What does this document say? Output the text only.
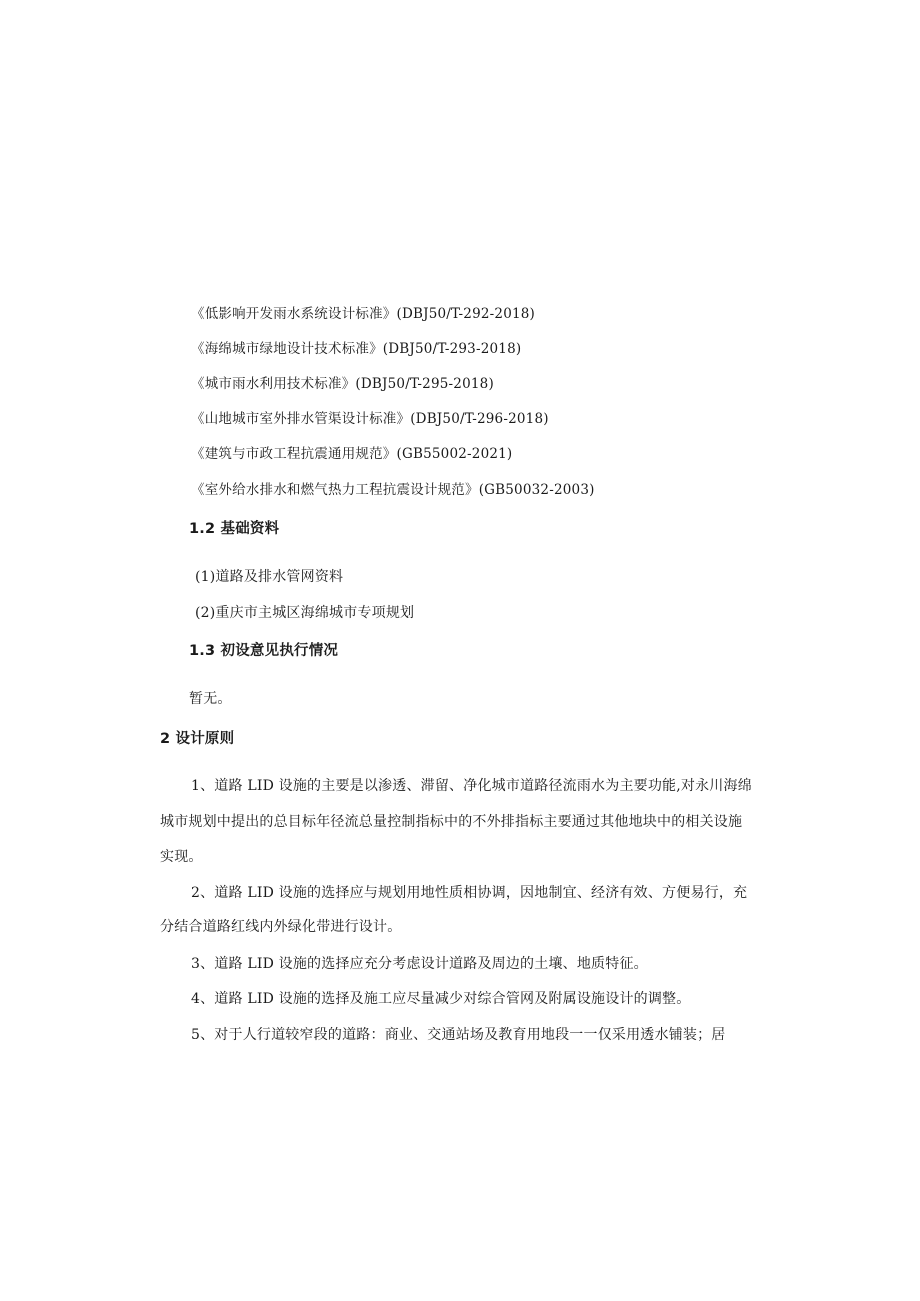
《低影响开发雨水系统设计标准》(DBJ50/T-292-2018)
《海绵城市绿地设计技术标准》(DBJ50/T-293-2018)
《城市雨水利用技术标准》(DBJ50/T-295-2018)
《山地城市室外排水管渠设计标准》(DBJ50/T-296-2018)
《建筑与市政工程抗震通用规范》(GB55002-2021)
《室外给水排水和燃气热力工程抗震设计规范》(GB50032-2003)
1.2 基础资料
(1)道路及排水管网资料
(2)重庆市主城区海绵城市专项规划
1.3 初设意见执行情况
暂无。
2 设计原则
1、道路 LID 设施的主要是以渗透、滞留、净化城市道路径流雨水为主要功能,对永川海绵
城市规划中提出的总目标年径流总量控制指标中的不外排指标主要通过其他地块中的相关设施
实现。
2、道路 LID 设施的选择应与规划用地性质相协调，因地制宜、经济有效、方便易行，充
分结合道路红线内外绿化带进行设计。
3、道路 LID 设施的选择应充分考虑设计道路及周边的土壤、地质特征。
4、道路 LID 设施的选择及施工应尽量减少对综合管网及附属设施设计的调整。
5、对于人行道较窄段的道路：商业、交通站场及教育用地段一一仅采用透水铺装；居
